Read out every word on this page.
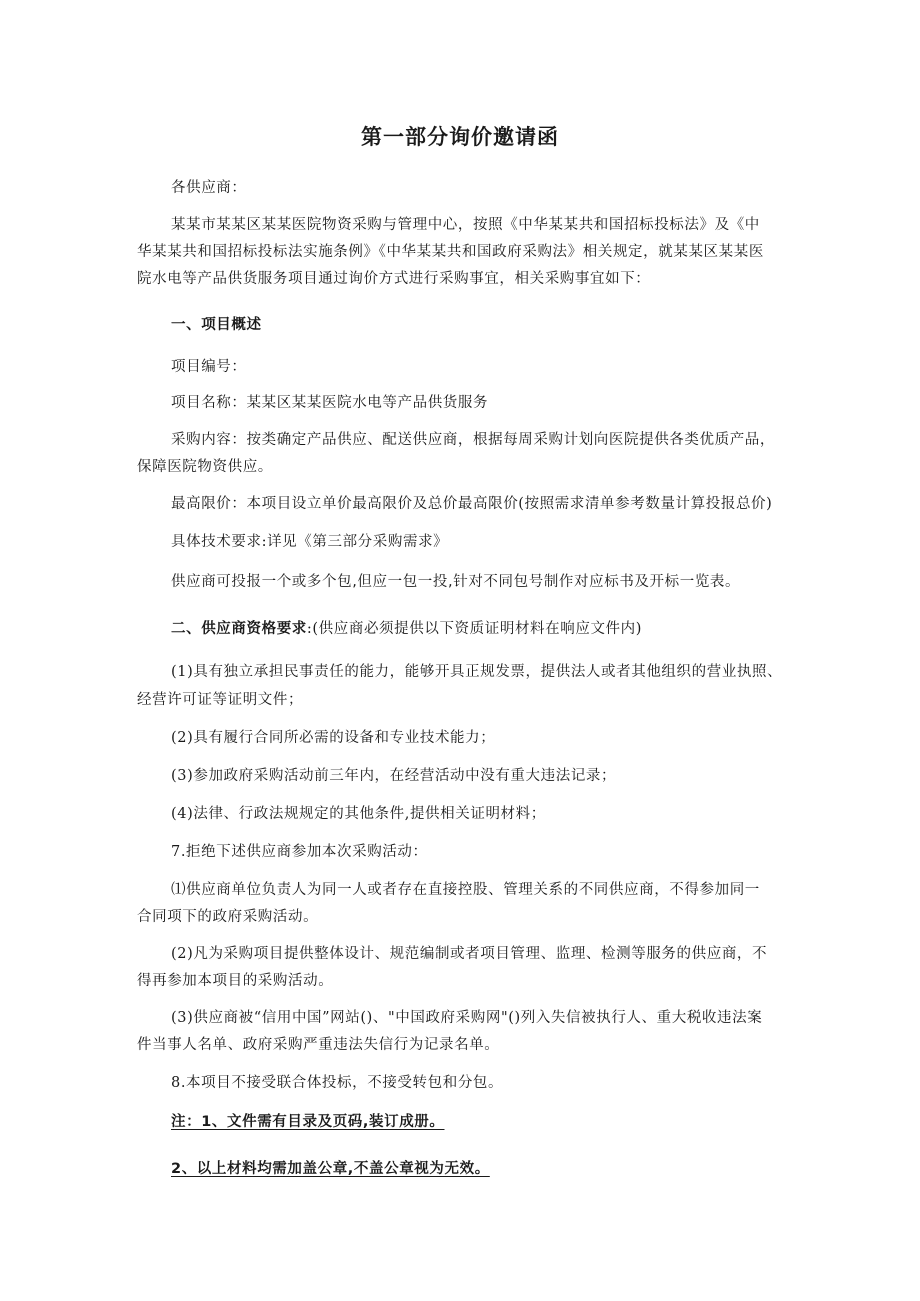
第一部分询价邀请函
各供应商：
某某市某某区某某医院物资采购与管理中心，按照《中华某某共和国招标投标法》及《中
华某某共和国招标投标法实施条例》《中华某某共和国政府采购法》相关规定，就某某区某某医
院水电等产品供货服务项目通过询价方式进行采购事宜，相关采购事宜如下：
一、项目概述
项目编号：
项目名称：某某区某某医院水电等产品供货服务
采购内容：按类确定产品供应、配送供应商，根据每周采购计划向医院提供各类优质产品，
保障医院物资供应。
最高限价：本项目设立单价最高限价及总价最高限价(按照需求清单参考数量计算投报总价)
具体技术要求:详见《第三部分采购需求》
供应商可投报一个或多个包,但应一包一投,针对不同包号制作对应标书及开标一览表。
二、供应商资格要求:(供应商必须提供以下资质证明材料在响应文件内)
(1)具有独立承担民事责任的能力，能够开具正规发票，提供法人或者其他组织的营业执照、
经营许可证等证明文件；
(2)具有履行合同所必需的设备和专业技术能力；
(3)参加政府采购活动前三年内，在经营活动中没有重大违法记录；
(4)法律、行政法规规定的其他条件,提供相关证明材料；
7.拒绝下述供应商参加本次采购活动：
⑴供应商单位负责人为同一人或者存在直接控股、管理关系的不同供应商，不得参加同一
合同项下的政府采购活动。
(2)凡为采购项目提供整体设计、规范编制或者项目管理、监理、检测等服务的供应商，不
得再参加本项目的采购活动。
(3)供应商被“信用中国”网站()、"中国政府采购网"()列入失信被执行人、重大税收违法案
件当事人名单、政府采购严重违法失信行为记录名单。
8.本项目不接受联合体投标，不接受转包和分包。
注：1、文件需有目录及页码,装订成册。
2、以上材料均需加盖公章,不盖公章视为无效。
